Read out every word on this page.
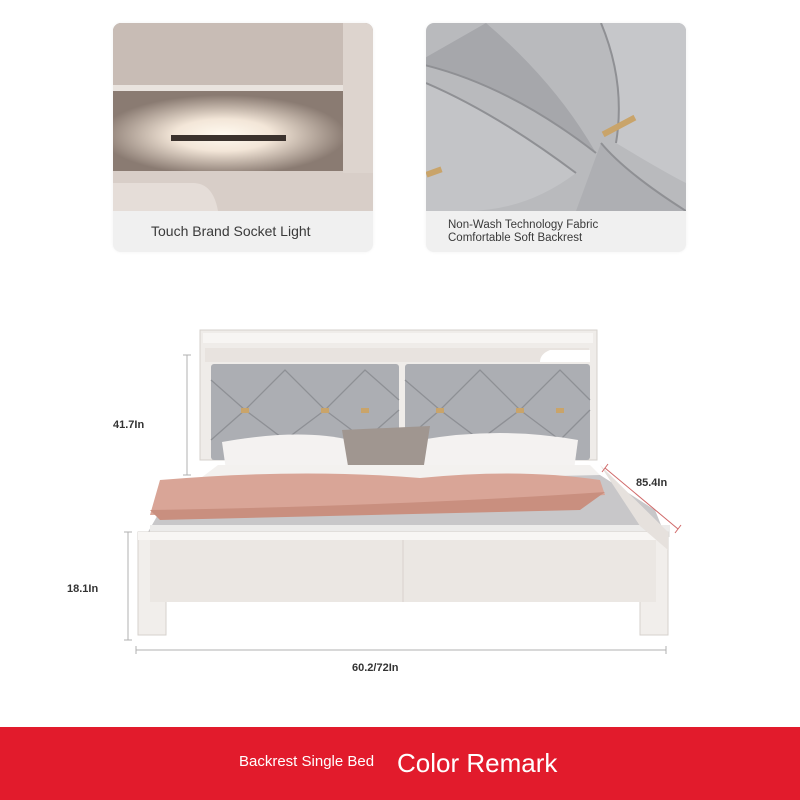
Touch Brand Socket Light	Non-Wash Technology Fabric
Comfortable Soft Backrest
41.7In
85.4In
18.1In
60.2/72In
Backrest Single Bed Color Remark
